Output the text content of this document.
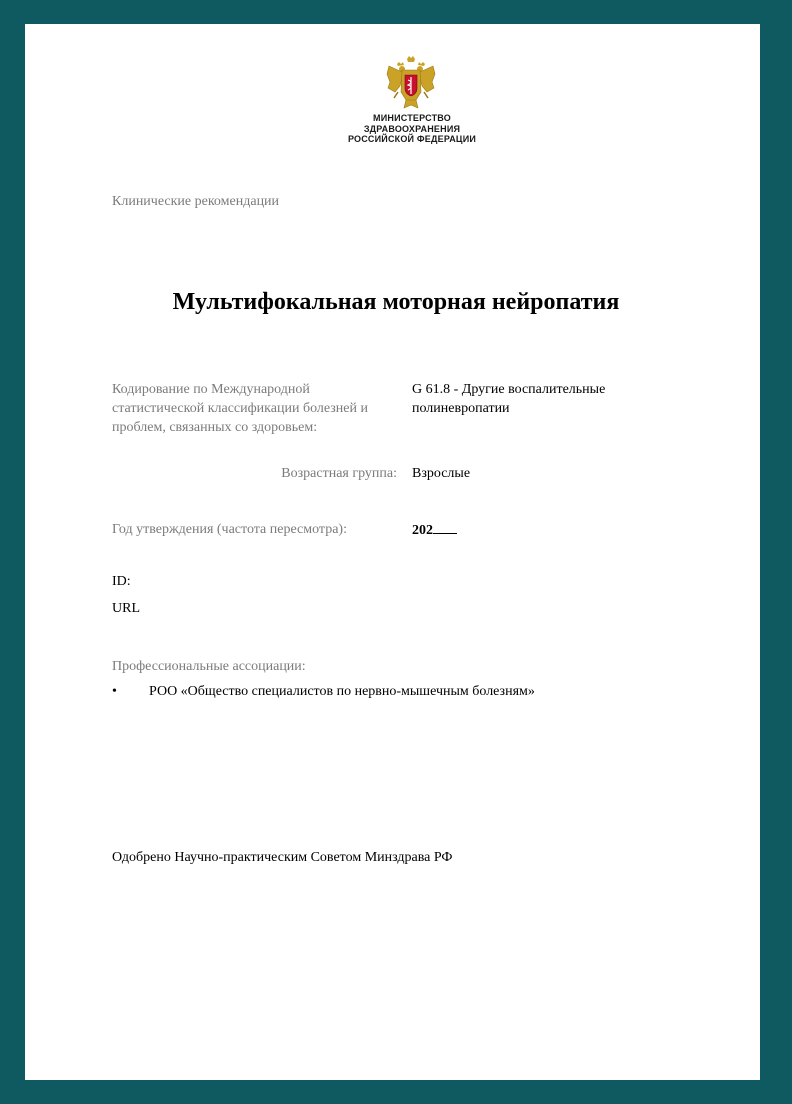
МИНИСТЕРСТВО
ЗДРАВООХРАНЕНИЯ
РОССИЙСКОЙ ФЕДЕРАЦИИ
Клинические рекомендации
Мультифокальная моторная нейропатия
Кодирование по Международной статистической классификации болезней и проблем, связанных со здоровьем:
G 61.8 - Другие воспалительные полиневропатии
Возрастная группа: Взрослые
Год утверждения (частота пересмотра):	202
ID:
URL
Профессиональные ассоциации:
• РОО «Общество специалистов по нервно-мышечным болезням»
Одобрено Научно-практическим Советом Минздрава РФ
